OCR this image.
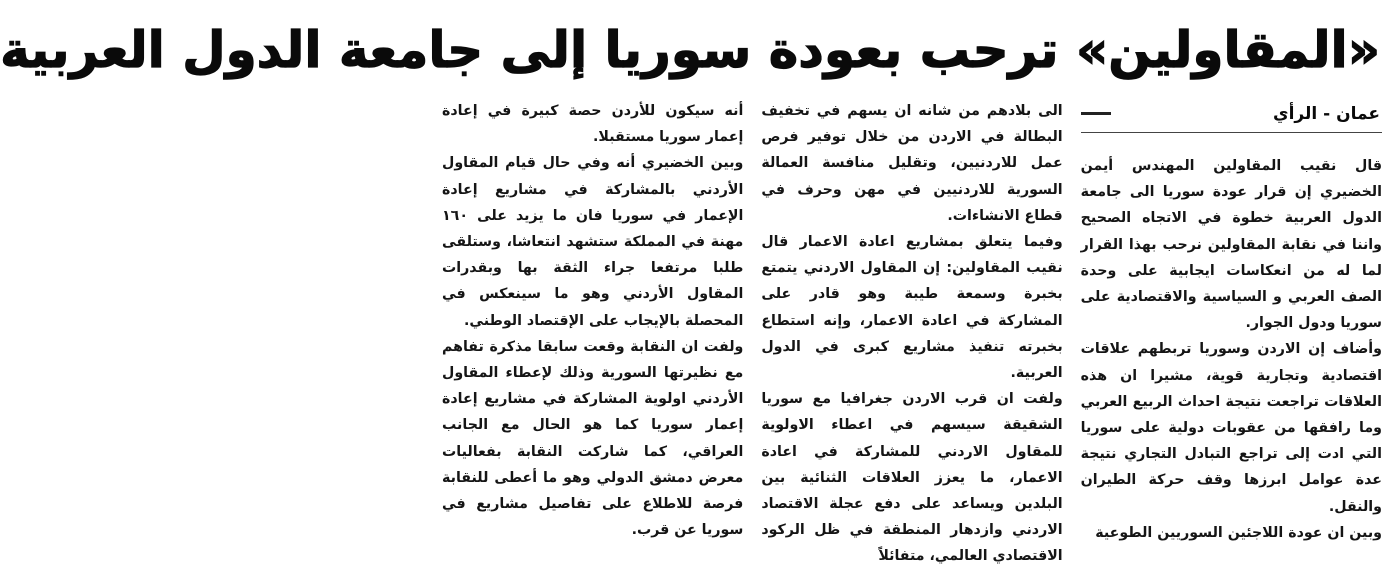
«المقاولين» ترحب بعودة سوريا إلى جامعة الدول العربية
عمان - الرأي

قال نقيب المقاولين المهندس أيمن الخضيري إن قرار عودة سوريا الى جامعة الدول العربية خطوة في الاتجاه الصحيح واننا في نقابة المقاولين نرحب بهذا القرار لما له من انعكاسات ايجابية على وحدة الصف العربي و السياسية والاقتصادية على سوريا ودول الجوار.

وأضاف إن الاردن وسوريا تربطهم علاقات اقتصادية وتجارية قوية، مشيرا ان هذه العلاقات تراجعت نتيجة احداث الربيع العربي وما رافقها من عقوبات دولية على سوريا التي ادت إلى تراجع التبادل التجاري نتيجة عدة عوامل ابرزها وقف حركة الطيران والنقل.

وبين ان عودة اللاجئين السوريين الطوعية

الى بلادهم من شانه ان يسهم في تخفيف البطالة في الاردن من خلال توفير فرص عمل للاردنيين، وتقليل منافسة العمالة السورية للاردنيين في مهن وحرف في قطاع الانشاءات.

وفيما يتعلق بمشاريع اعادة الاعمار قال نقيب المقاولين: إن المقاول الاردني يتمتع بخبرة وسمعة طيبة وهو قادر على المشاركة في اعادة الاعمار، وإنه استطاع بخبرته تنفيذ مشاريع كبرى في الدول العربية.

ولفت ان قرب الاردن جغرافيا مع سوريا الشقيقة سيسهم في اعطاء الاولوية للمقاول الاردني للمشاركة في اعادة الاعمار، ما يعزز العلاقات الثنائية بين البلدين ويساعد على دفع عجلة الاقتصاد الاردني وازدهار المنطقة في ظل الركود الاقتصادي العالمي، متفائلاً

أنه سيكون للأردن حصة كبيرة في إعادة إعمار سوريا مستقبلا.

وبين الخضيري أنه وفي حال قيام المقاول الأردني بالمشاركة في مشاريع إعادة الإعمار في سوريا فان ما يزيد على ١٦٠ مهنة في المملكة ستشهد انتعاشا، وستلقى طلبا مرتفعا جراء الثقة بها وبقدرات المقاول الأردني وهو ما سينعكس في المحصلة بالإيجاب على الإقتصاد الوطني.

ولفت ان النقابة وقعت سابقا مذكرة تفاهم مع نظيرتها السورية وذلك لإعطاء المقاول الأردني اولوية المشاركة في مشاريع إعادة إعمار سوريا كما هو الحال مع الجانب العراقي، كما شاركت النقابة بفعاليات معرض دمشق الدولي وهو ما أعطى للنقابة فرصة للاطلاع على تفاصيل مشاريع في سوريا عن قرب.
